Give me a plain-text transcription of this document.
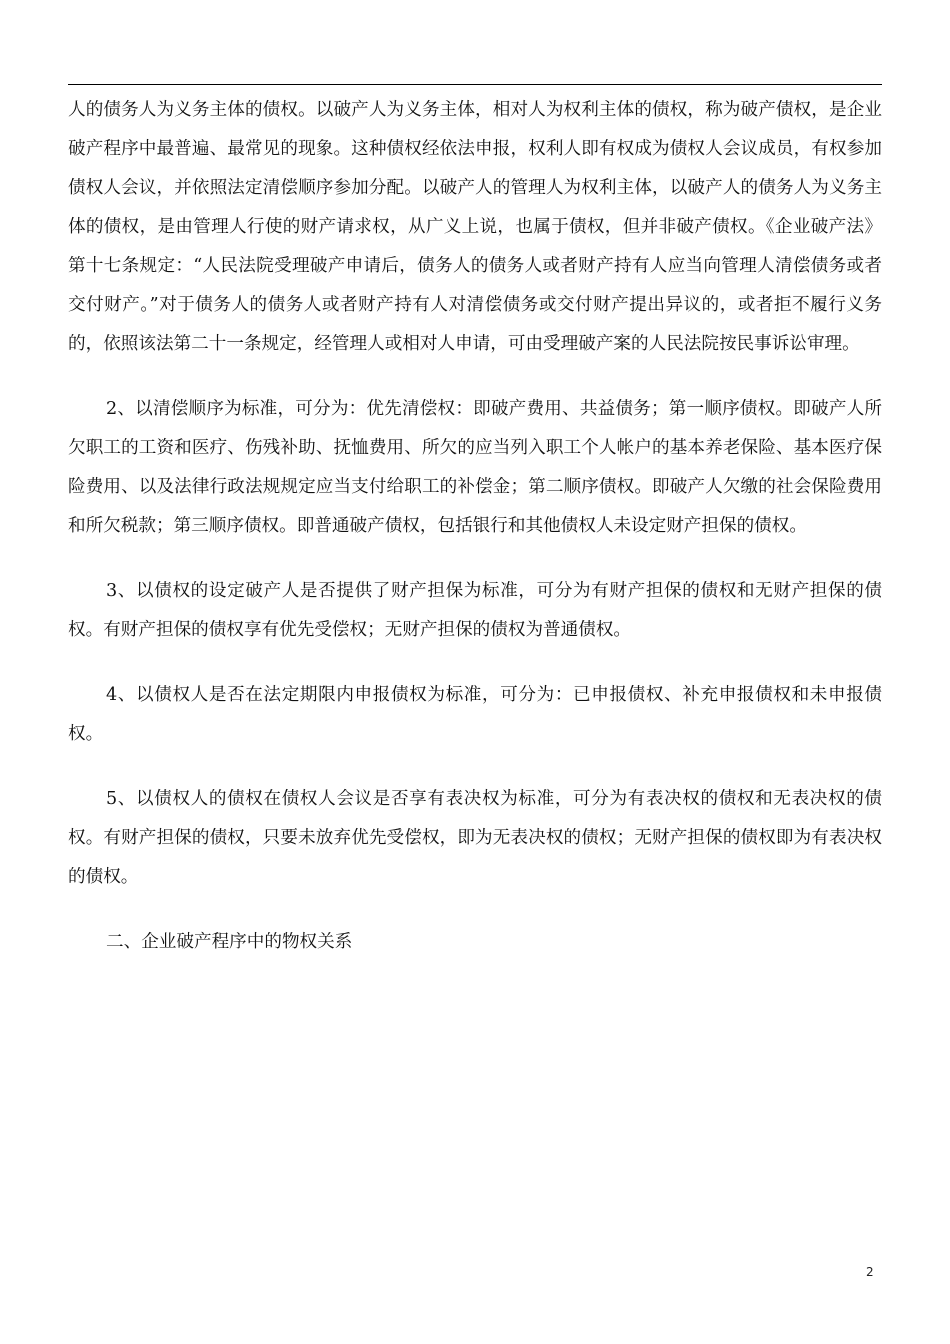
人的债务人为义务主体的债权。以破产人为义务主体，相对人为权利主体的债权，称为破产债权，是企业破产程序中最普遍、最常见的现象。这种债权经依法申报，权利人即有权成为债权人会议成员，有权参加债权人会议，并依照法定清偿顺序参加分配。以破产人的管理人为权利主体，以破产人的债务人为义务主体的债权，是由管理人行使的财产请求权，从广义上说，也属于债权，但并非破产债权。《企业破产法》第十七条规定：“人民法院受理破产申请后，债务人的债务人或者财产持有人应当向管理人清偿债务或者交付财产。”对于债务人的债务人或者财产持有人对清偿债务或交付财产提出异议的，或者拒不履行义务的，依照该法第二十一条规定，经管理人或相对人申请，可由受理破产案的人民法院按民事诉讼审理。

2、以清偿顺序为标准，可分为：优先清偿权：即破产费用、共益债务；第一顺序债权。即破产人所欠职工的工资和医疗、伤残补助、抚恤费用、所欠的应当列入职工个人帐户的基本养老保险、基本医疗保险费用、以及法律行政法规规定应当支付给职工的补偿金；第二顺序债权。即破产人欠缴的社会保险费用和所欠税款；第三顺序债权。即普通破产债权，包括银行和其他债权人未设定财产担保的债权。

3、以债权的设定破产人是否提供了财产担保为标准，可分为有财产担保的债权和无财产担保的债权。有财产担保的债权享有优先受偿权；无财产担保的债权为普通债权。

4、以债权人是否在法定期限内申报债权为标准，可分为：已申报债权、补充申报债权和未申报债权。

5、以债权人的债权在债权人会议是否享有表决权为标准，可分为有表决权的债权和无表决权的债权。有财产担保的债权，只要未放弃优先受偿权，即为无表决权的债权；无财产担保的债权即为有表决权的债权。

二、企业破产程序中的物权关系

2
